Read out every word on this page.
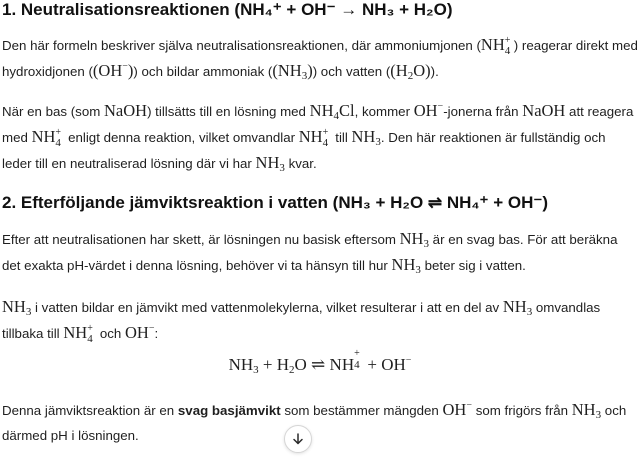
1. Neutralisationsreaktionen (NH₄⁺ + OH⁻ → NH₃ + H₂O)

Den här formeln beskriver själva neutralisationsreaktionen, där ammoniumjonen (NH +
4 ) reagerar direkt med hydroxidjonen ((OH−)) och bildar ammoniak $((NH_3))$ och vatten $((H_2O))$.

När en bas (som NaOH) tillsätts till en lösning med $NH_4Cl$, kommer OH−-jonerna från NaOH att reagera med NH +
4 enligt denna reaktion, vilket omvandlar NH +
4 till $NH_3$. Den här reaktionen är fullständig och leder till en neutraliserad lösning där vi har $NH_3$ kvar.

2. Efterföljande jämviktsreaktion i vatten (NH₃ + H₂O ⇌ NH₄⁺ + OH⁻)

Efter att neutralisationen har skett, är lösningen nu basisk eftersom $NH_3$ är en svag bas. För att beräkna det exakta pH-värdet i denna lösning, behöver vi ta hänsyn till hur $NH_3$ beter sig i vatten.

$NH_3$ i vatten bildar en jämvikt med vattenmolekylerna, vilket resulterar i att en del av $NH_3$ omvandlas tillbaka till NH +
4 och OH−:

$NH_3 + H_2O$ ⇌ NH
+
4 + OH−

Denna jämviktsreaktion är en svag basjämvikt som bestämmer mängden OH− som frigörs från $NH_3$ och därmed pH i lösningen.
